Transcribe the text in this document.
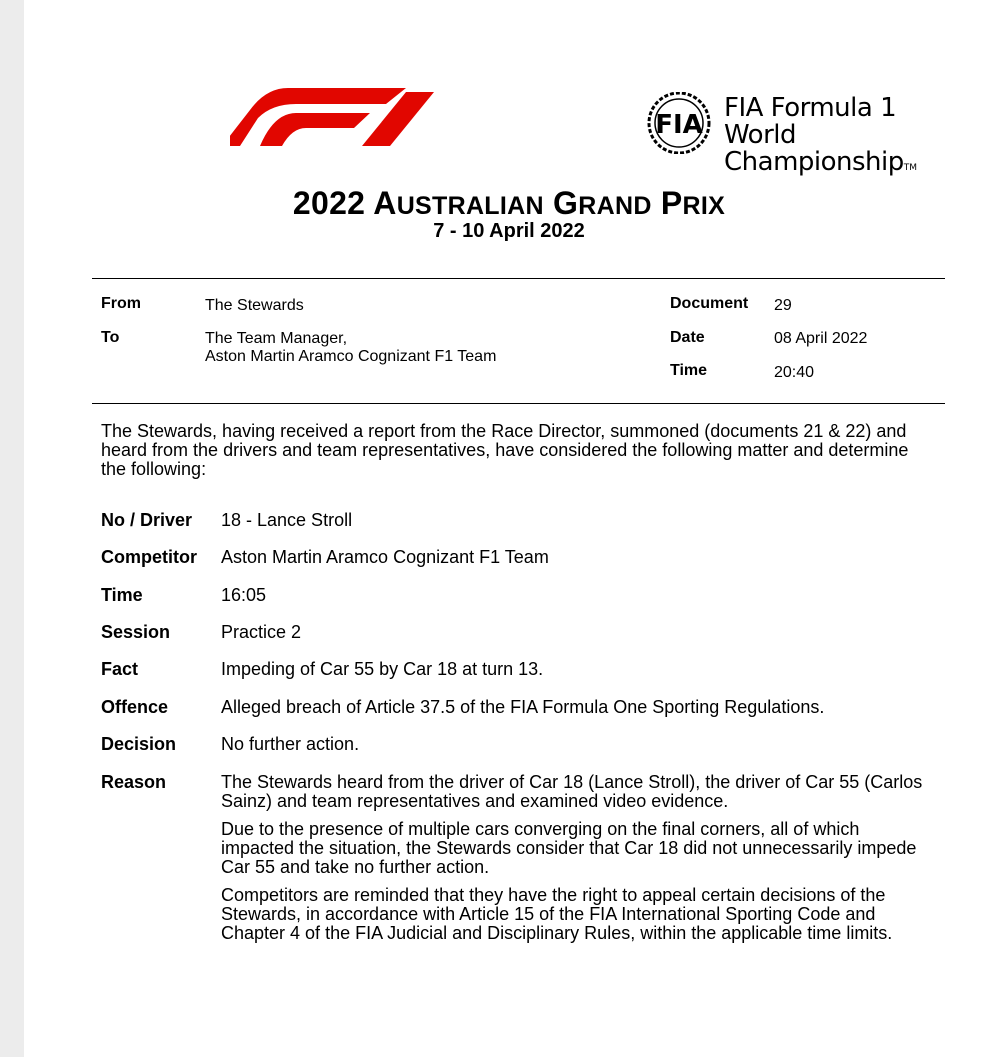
FIA
FIA Formula 1
World ChampionshipTM
2022 AUSTRALIAN GRAND PRIX
7 - 10 April 2022
From	The Stewards
To	The Team Manager,
Aston Martin Aramco Cognizant F1 Team
Document 29
Date	08 April 2022
Time	20:40
The Stewards, having received a report from the Race Director, summoned (documents 21 & 22) and heard from the drivers and team representatives, have considered the following matter and determine the following:
No / Driver 18 - Lance Stroll
Competitor Aston Martin Aramco Cognizant F1 Team
Time	16:05
Session	Practice 2
Fact	Impeding of Car 55 by Car 18 at turn 13.
Offence	Alleged breach of Article 37.5 of the FIA Formula One Sporting Regulations.
Decision No further action.
Reason	The Stewards heard from the driver of Car 18 (Lance Stroll), the driver of Car 55 (Carlos Sainz) and team representatives and examined video evidence.

Due to the presence of multiple cars converging on the final corners, all of which impacted the situation, the Stewards consider that Car 18 did not unnecessarily impede Car 55 and take no further action.

Competitors are reminded that they have the right to appeal certain decisions of the Stewards, in accordance with Article 15 of the FIA International Sporting Code and Chapter 4 of the FIA Judicial and Disciplinary Rules, within the applicable time limits.
